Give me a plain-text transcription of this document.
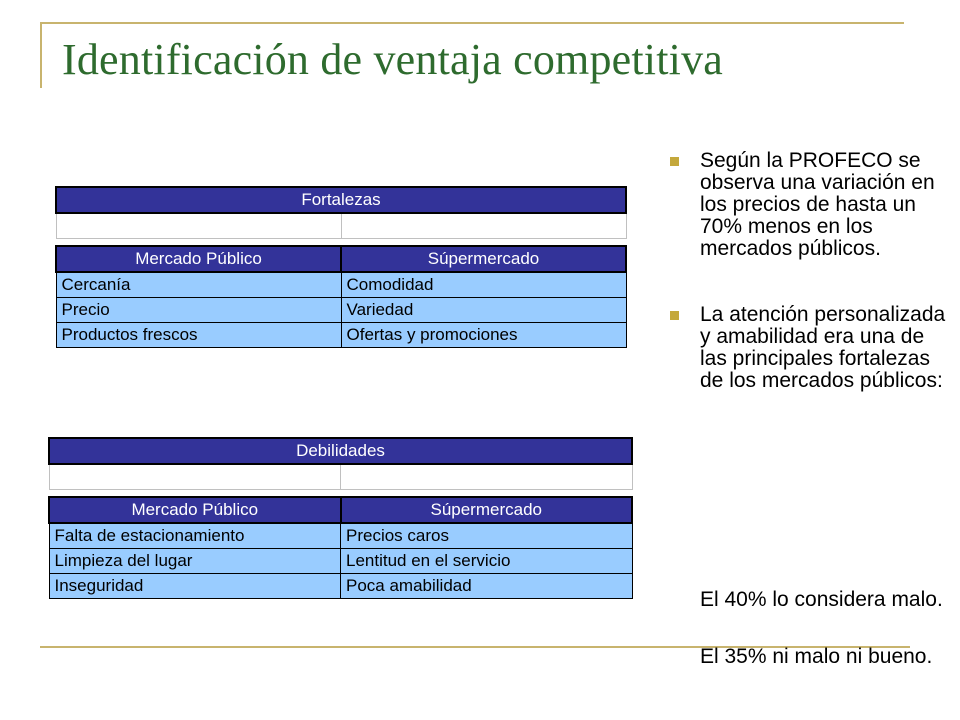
Identificación de ventaja competitiva
Fortalezas	

Mercado Público	Súpermercado
Cercanía	Comodidad
Precio	Variedad
Productos frescos	Ofertas y promociones
Debilidades	

Mercado Público	Súpermercado
Falta de estacionamiento	Precios caros
Limpieza del lugar	Lentitud en el servicio
Inseguridad	Poca amabilidad
Según la PROFECO se observa una variación en los precios de hasta un 70% menos en los mercados públicos.
La atención personalizada y amabilidad era una de las principales fortalezas de los mercados públicos:
El 40% lo considera malo.
El 35% ni malo ni bueno.
